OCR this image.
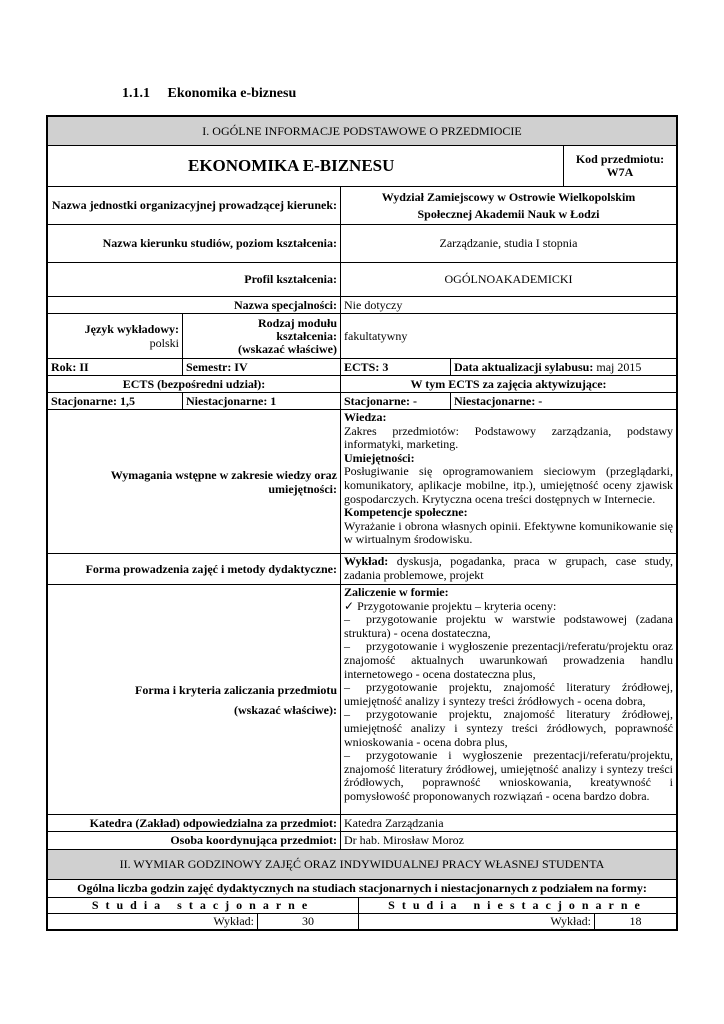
1.1.1 Ekonomika e-biznesu
I. OGÓLNE INFORMACJE PODSTAWOWE O PRZEDMIOCIE
EKONOMIKA E-BIZNESU	Kod przedmiotu:
W7A
Nazwa jednostki organizacyjnej prowadzącej kierunek:
Wydział Zamiejscowy w Ostrowie Wielkopolskim
Społecznej Akademii Nauk w Łodzi
Nazwa kierunku studiów, poziom kształcenia:	Zarządzanie, studia I stopnia
Profil kształcenia:	OGÓLNOAKADEMICKI
Nazwa specjalności: Nie dotyczy
Język wykładowy:
polski
Rodzaj modułu
kształcenia:
(wskazać właściwe)
fakultatywny
Rok: II	Semestr: IV	ECTS: 3	Data aktualizacji sylabusu: maj 2015
ECTS (bezpośredni udział):	W tym ECTS za zajęcia aktywizujące:
Stacjonarne: 1,5	Niestacjonarne: 1	Stacjonarne: -	Niestacjonarne: -
Wymagania wstępne w zakresie wiedzy oraz
umiejętności:

Wiedza:

Zakres przedmiotów: Podstawowy zarządzania, podstawy informatyki, marketing.

Umiejętności:

Posługiwanie się oprogramowaniem sieciowym (przeglądarki, komunikatory, aplikacje mobilne, itp.), umiejętność oceny zjawisk gospodarczych. Krytyczna ocena treści dostępnych w Internecie.

Kompetencje społeczne:

Wyrażanie i obrona własnych opinii. Efektywne komunikowanie się w wirtualnym środowisku.

Forma prowadzenia zajęć i metody dydaktyczne:

Wykład: dyskusja, pogadanka, praca w grupach, case study, zadania problemowe, projekt

Forma i kryteria zaliczania przedmiotu
(wskazać właściwe):

Zaliczenie w formie:

✓ Przygotowanie projektu – kryteria oceny:

– przygotowanie projektu w warstwie podstawowej (zadana struktura) - ocena dostateczna,

– przygotowanie i wygłoszenie prezentacji/referatu/projektu oraz znajomość aktualnych uwarunkowań prowadzenia handlu internetowego - ocena dostateczna plus,

– przygotowanie projektu, znajomość literatury źródłowej, umiejętność analizy i syntezy treści źródłowych - ocena dobra,

– przygotowanie projektu, znajomość literatury źródłowej, umiejętność analizy i syntezy treści źródłowych, poprawność wnioskowania - ocena dobra plus,

– przygotowanie i wygłoszenie prezentacji/referatu/projektu, znajomość literatury źródłowej, umiejętność analizy i syntezy treści źródłowych, poprawność wnioskowania, kreatywność i pomysłowość proponowanych rozwiązań - ocena bardzo dobra.

Katedra (Zakład) odpowiedzialna za przedmiot: Katedra Zarządzania
Osoba koordynująca przedmiot: Dr hab. Mirosław Moroz
II. WYMIAR GODZINOWY ZAJĘĆ ORAZ INDYWIDUALNEJ PRACY WŁASNEJ STUDENTA
Ogólna liczba godzin zajęć dydaktycznych na studiach stacjonarnych i niestacjonarnych z podziałem na formy:
Studia stacjonarne	Studia niestacjonarne
Wykład:	30	Wykład:	18
